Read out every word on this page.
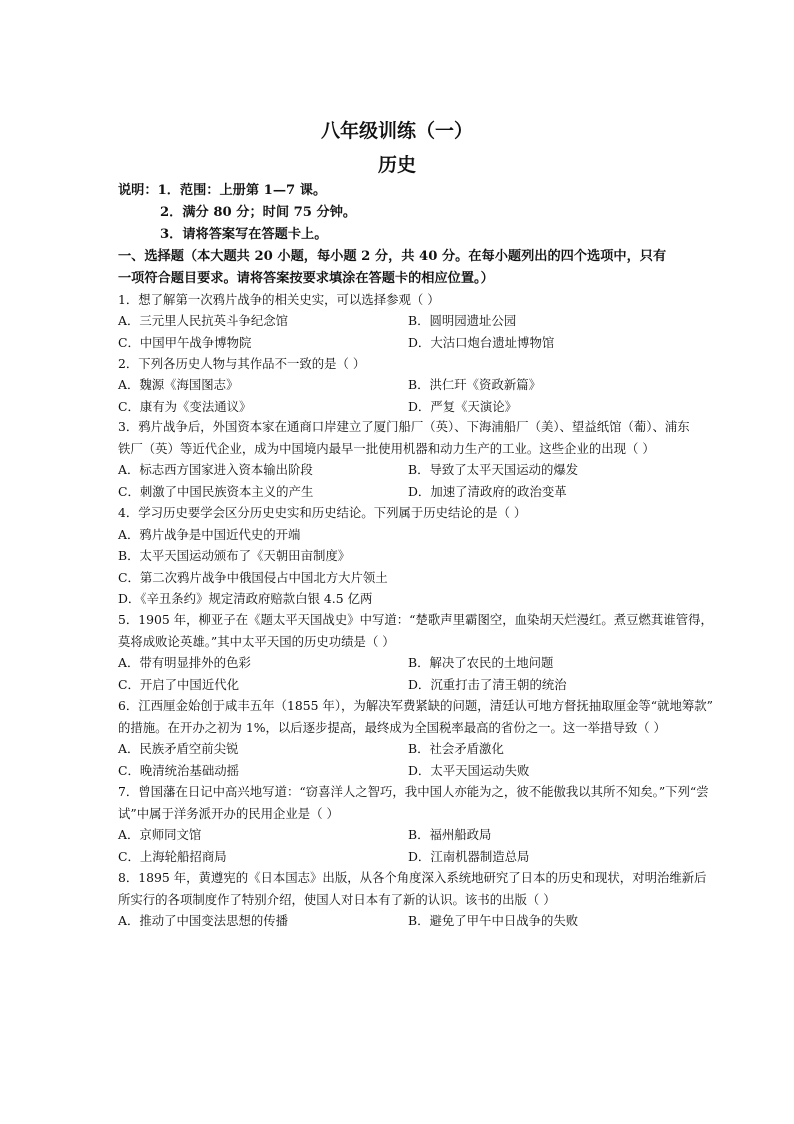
八年级训练（一）
历史
说明：1．范围：上册第 1—7 课。
2．满分 80 分；时间 75 分钟。
3．请将答案写在答题卡上。
一、选择题（本大题共 20 小题，每小题 2 分，共 40 分。在每小题列出的四个选项中，只有
一项符合题目要求。请将答案按要求填涂在答题卡的相应位置。）
1．想了解第一次鸦片战争的相关史实，可以选择参观（ ）
A．三元里人民抗英斗争纪念馆	B．圆明园遗址公园
C．中国甲午战争博物院	D．大沽口炮台遗址博物馆
2．下列各历史人物与其作品不一致的是（ ）
A．魏源《海国图志》	B．洪仁玕《资政新篇》
C．康有为《变法通议》	D．严复《天演论》
3．鸦片战争后，外国资本家在通商口岸建立了厦门船厂（英）、下海浦船厂（美）、望益纸馆（葡）、浦东
铁厂（英）等近代企业，成为中国境内最早一批使用机器和动力生产的工业。这些企业的出现（ ）
A．标志西方国家进入资本输出阶段	B．导致了太平天国运动的爆发
C．刺激了中国民族资本主义的产生	D．加速了清政府的政治变革
4．学习历史要学会区分历史史实和历史结论。下列属于历史结论的是（ ）
A．鸦片战争是中国近代史的开端
B．太平天国运动颁布了《天朝田亩制度》
C．第二次鸦片战争中俄国侵占中国北方大片领土
D．《辛丑条约》规定清政府赔款白银 4.5 亿两
5．1905 年，柳亚子在《题太平天国战史》中写道：“楚歌声里霸图空，血染胡天烂漫红。煮豆燃萁谁管得，
莫将成败论英雄。”其中太平天国的历史功绩是（ ）
A．带有明显排外的色彩	B．解决了农民的土地问题
C．开启了中国近代化	D．沉重打击了清王朝的统治
6．江西厘金始创于咸丰五年（1855 年），为解决军费紧缺的问题，清廷认可地方督抚抽取厘金等“就地筹款”
的措施。在开办之初为 1%，以后逐步提高，最终成为全国税率最高的省份之一。这一举措导致（ ）
A．民族矛盾空前尖锐	B．社会矛盾激化
C．晚清统治基础动摇	D．太平天国运动失败
7．曾国藩在日记中高兴地写道：“窃喜洋人之智巧，我中国人亦能为之，彼不能傲我以其所不知矣。”下列“尝
试”中属于洋务派开办的民用企业是（ ）
A．京师同文馆	B．福州船政局
C．上海轮船招商局	D．江南机器制造总局
8．1895 年，黄遵宪的《日本国志》出版，从各个角度深入系统地研究了日本的历史和现状，对明治维新后
所实行的各项制度作了特别介绍，使国人对日本有了新的认识。该书的出版（ ）
A．推动了中国变法思想的传播	B．避免了甲午中日战争的失败
